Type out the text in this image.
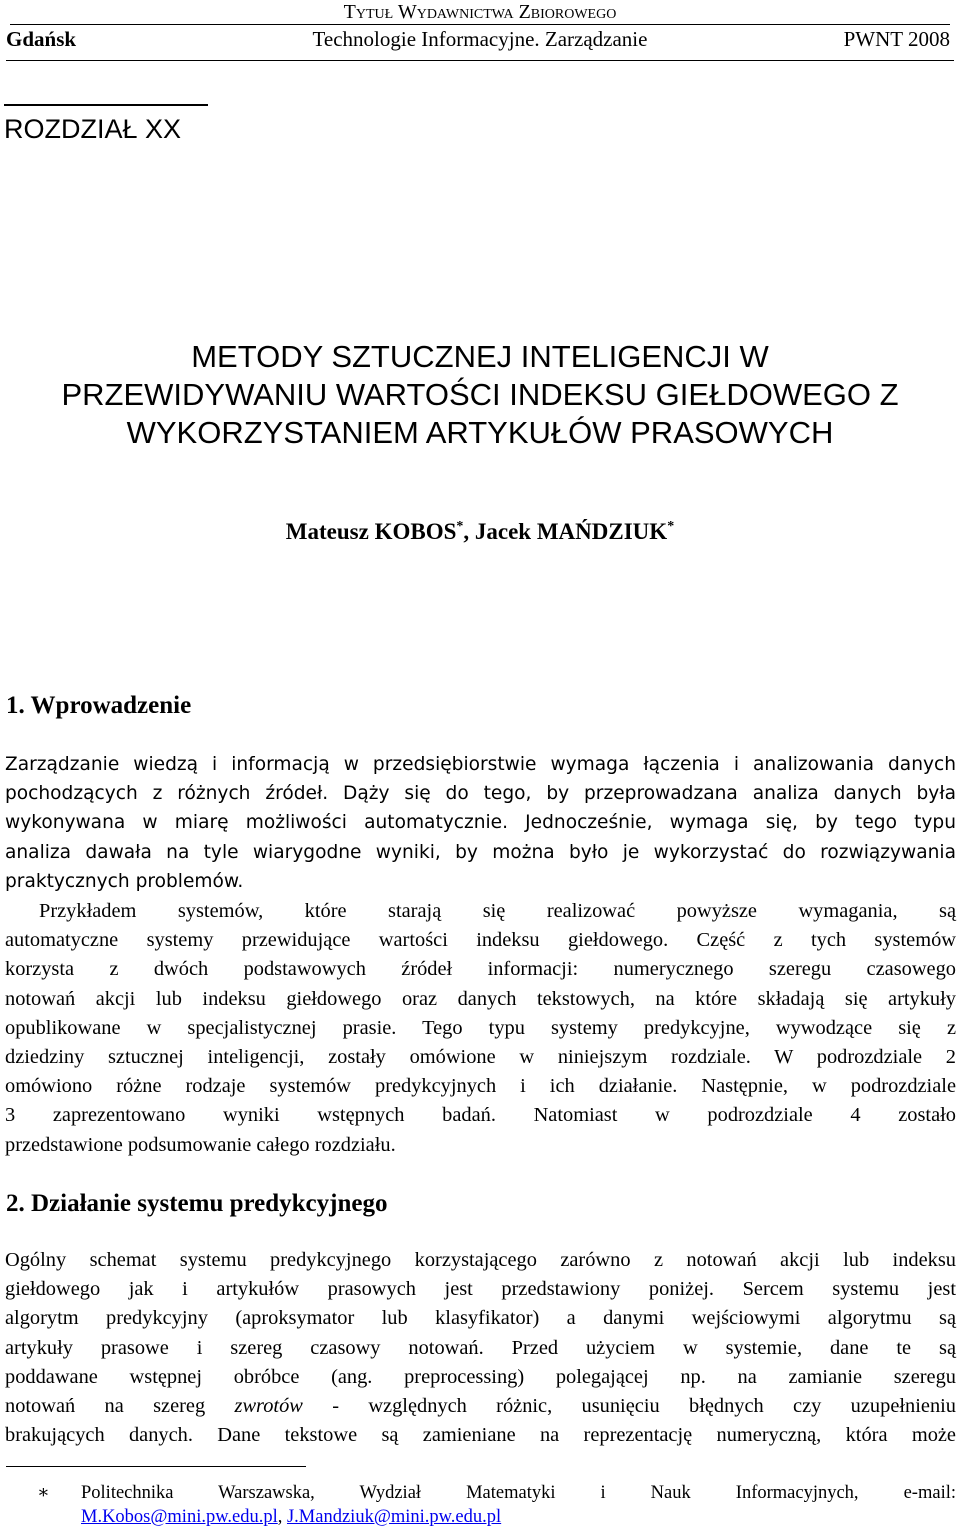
Tytuł Wydawnictwa Zbiorowego
Technologie Informacyjne. Zarządzanie
Gdańsk	PWNT 2008
ROZDZIAŁ XX
METODY SZTUCZNEJ INTELIGENCJI W
PRZEWIDYWANIU WARTOŚCI INDEKSU GIEŁDOWEGO Z
WYKORZYSTANIEM ARTYKUŁÓW PRASOWYCH
Mateusz KOBOS*, Jacek MAŃDZIUK*
1. Wprowadzenie

Zarządzanie wiedzą i informacją w przedsiębiorstwie wymaga łączenia i analizowania danych
pochodzących z różnych źródeł. Dąży się do tego, by przeprowadzana analiza danych była
wykonywana w miarę możliwości automatycznie. Jednocześnie, wymaga się, by tego typu
analiza dawała na tyle wiarygodne wyniki, by można było je wykorzystać do rozwiązywania
praktycznych problemów.

Przykładem systemów, które starają się realizować powyższe wymagania, są
automatyczne systemy przewidujące wartości indeksu giełdowego. Część z tych systemów
korzysta z dwóch podstawowych źródeł informacji: numerycznego szeregu czasowego
notowań akcji lub indeksu giełdowego oraz danych tekstowych, na które składają się artykuły
opublikowane w specjalistycznej prasie. Tego typu systemy predykcyjne, wywodzące się z
dziedziny sztucznej inteligencji, zostały omówione w niniejszym rozdziale. W podrozdziale 2
omówiono różne rodzaje systemów predykcyjnych i ich działanie. Następnie, w podrozdziale
3 zaprezentowano wyniki wstępnych badań. Natomiast w podrozdziale 4 zostało
przedstawione podsumowanie całego rozdziału.

2. Działanie systemu predykcyjnego

Ogólny schemat systemu predykcyjnego korzystającego zarówno z notowań akcji lub indeksu
giełdowego jak i artykułów prasowych jest przedstawiony poniżej. Sercem systemu jest
algorytm predykcyjny (aproksymator lub klasyfikator) a danymi wejściowymi algorytmu są
artykuły prasowe i szereg czasowy notowań. Przed użyciem w systemie, dane te są
poddawane wstępnej obróbce (ang. preprocessing) polegającej np. na zamianie szeregu
notowań na szereg zwrotów - względnych różnic, usunięciu błędnych czy uzupełnieniu
brakujących danych. Dane tekstowe są zamieniane na reprezentację numeryczną, która może

∗ Politechnika Warszawska, Wydział Matematyki i Nauk Informacyjnych, e-mail:
M.Kobos@mini.pw.edu.pl, J.Mandziuk@mini.pw.edu.pl
